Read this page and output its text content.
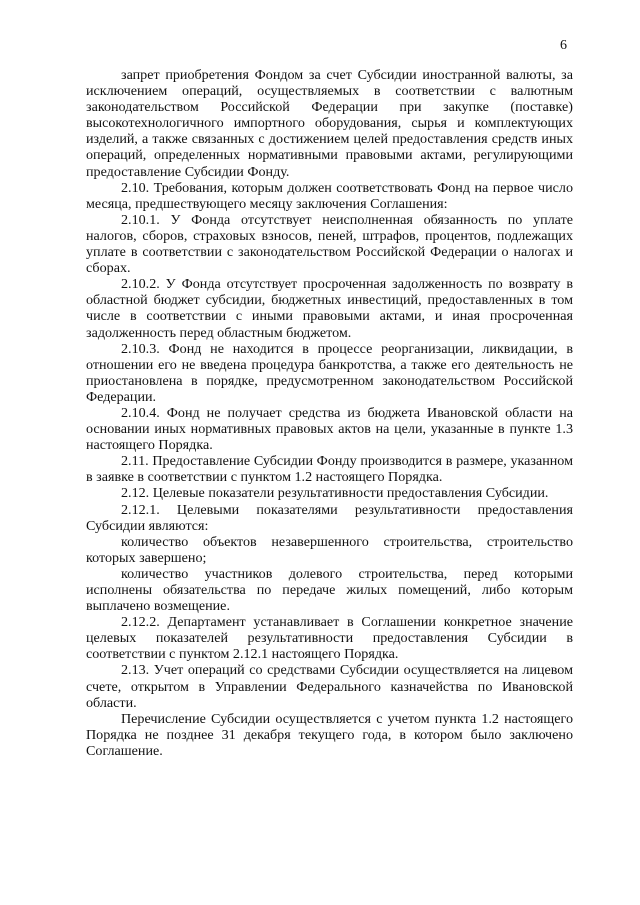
6

запрет приобретения Фондом за счет Субсидии иностранной валюты, за исключением операций, осуществляемых в соответствии с валютным законодательством Российской Федерации при закупке (поставке) высокотехнологичного импортного оборудования, сырья и комплектующих изделий, а также связанных с достижением целей предоставления средств иных операций, определенных нормативными правовыми актами, регулирующими предоставление Субсидии Фонду.

2.10. Требования, которым должен соответствовать Фонд на первое число месяца, предшествующего месяцу заключения Соглашения:

2.10.1. У Фонда отсутствует неисполненная обязанность по уплате налогов, сборов, страховых взносов, пеней, штрафов, процентов, подлежащих уплате в соответствии с законодательством Российской Федерации о налогах и сборах.

2.10.2. У Фонда отсутствует просроченная задолженность по возврату в областной бюджет субсидии, бюджетных инвестиций, предоставленных в том числе в соответствии с иными правовыми актами, и иная просроченная задолженность перед областным бюджетом.

2.10.3. Фонд не находится в процессе реорганизации, ликвидации, в отношении его не введена процедура банкротства, а также его деятельность не приостановлена в порядке, предусмотренном законодательством Российской Федерации.

2.10.4. Фонд не получает средства из бюджета Ивановской области на основании иных нормативных правовых актов на цели, указанные в пункте 1.3 настоящего Порядка.

2.11. Предоставление Субсидии Фонду производится в размере, указанном в заявке в соответствии с пунктом 1.2 настоящего Порядка.

2.12. Целевые показатели результативности предоставления Субсидии.

2.12.1. Целевыми показателями результативности предоставления Субсидии являются:

количество объектов незавершенного строительства, строительство которых завершено;

количество участников долевого строительства, перед которыми исполнены обязательства по передаче жилых помещений, либо которым выплачено возмещение.

2.12.2. Департамент устанавливает в Соглашении конкретное значение целевых показателей результативности предоставления Субсидии в соответствии с пунктом 2.12.1 настоящего Порядка.

2.13. Учет операций со средствами Субсидии осуществляется на лицевом счете, открытом в Управлении Федерального казначейства по Ивановской области.

Перечисление Субсидии осуществляется с учетом пункта 1.2 настоящего Порядка не позднее 31 декабря текущего года, в котором было заключено Соглашение.
